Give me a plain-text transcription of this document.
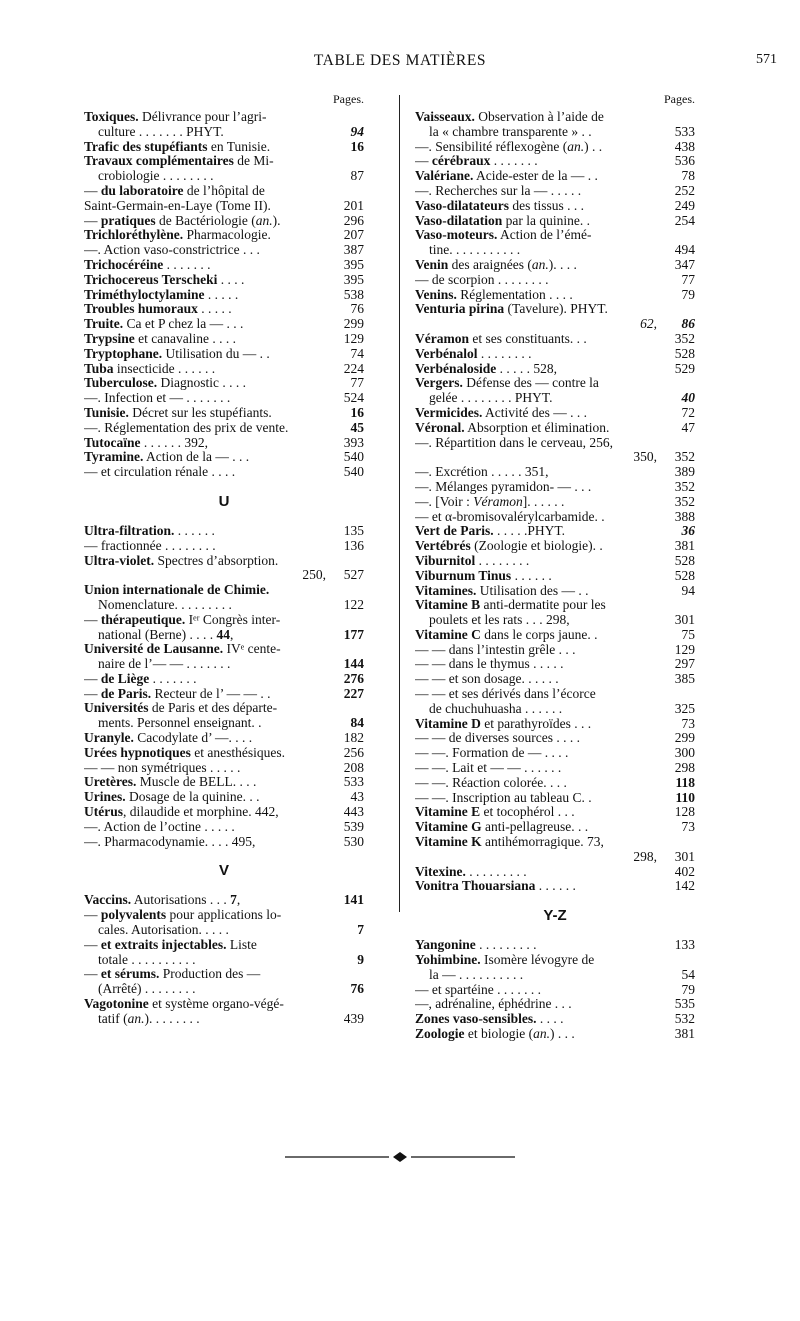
TABLE DES MATIÈRES	571
Pages.
Toxiques. Délivrance pour l’agri-
culture . . . . . . . PHYT.	94
Trafic des stupéfiants en Tunisie.	16
Travaux complémentaires de Mi-
crobiologie . . . . . . . .	87
— du laboratoire de l’hôpital de
Saint-Germain-en-Laye (Tome II).	201
— pratiques de Bactériologie (an.).	296
Trichloréthylène. Pharmacologie.	207
—. Action vaso-constrictrice . . .	387
Trichocéréine . . . . . . .	395
Trichocereus Terscheki . . . .	395
Triméthyloctylamine . . . . .	538
Troubles humoraux . . . . .	76
Truite. Ca et P chez la — . . .	299
Trypsine et canavaline . . . .	129
Tryptophane. Utilisation du — . .	74
Tuba insecticide . . . . . .	224
Tuberculose. Diagnostic . . . .	77
—. Infection et — . . . . . . .	524
Tunisie. Décret sur les stupéfiants.	16
—. Réglementation des prix de vente.	45
Tutocaïne . . . . . . 392,	393
Tyramine. Action de la — . . .	540
— et circulation rénale . . . .	540
U
Ultra-filtration. . . . . . .	135
— fractionnée . . . . . . . .	136
Ultra-violet. Spectres d’absorption.
250,	527
Union internationale de Chimie.
Nomenclature. . . . . . . . .	122
— thérapeutique. Iᵉʳ Congrès inter-
national (Berne) . . . . 44,	177
Université de Lausanne. IVᵉ cente-
naire de l’— — . . . . . . .	144
— de Liège . . . . . . .	276
— de Paris. Recteur de l’ — — . .	227
Universités de Paris et des départe-
ments. Personnel enseignant. .	84
Uranyle. Cacodylate d’ —. . . .	182
Urées hypnotiques et anesthésiques.	256
— — non symétriques . . . . .	208
Uretères. Muscle de BELL. . . .	533
Urines. Dosage de la quinine. . .	43
Utérus, dilaudide et morphine. 442,	443
—. Action de l’octine . . . . .	539
—. Pharmacodynamie. . . . 495,	530
V
Vaccins. Autorisations . . . 7,	141
— polyvalents pour applications lo-
cales. Autorisation. . . . .	7
— et extraits injectables. Liste
totale . . . . . . . . . .	9
— et sérums. Production des —
(Arrêté) . . . . . . . .	76
Vagotonine et système organo-végé-
tatif (an.). . . . . . . .	439
Pages.
Vaisseaux. Observation à l’aide de
la « chambre transparente » . .	533
—. Sensibilité réflexogène (an.) . .	438
— cérébraux . . . . . . .	536
Valériane. Acide-ester de la — . .	78
—. Recherches sur la — . . . . .	252
Vaso-dilatateurs des tissus . . .	249
Vaso-dilatation par la quinine. .	254
Vaso-moteurs. Action de l’émé-
tine. . . . . . . . . . .	494
Venin des araignées (an.). . . .	347
— de scorpion . . . . . . . .	77
Venins. Réglementation . . . .	79
Venturia pirina (Tavelure). PHYT.
62,	86
Véramon et ses constituants. . .	352
Verbénalol . . . . . . . .	528
Verbénaloside . . . . . 528,	529
Vergers. Défense des — contre la
gelée . . . . . . . . PHYT.	40
Vermicides. Activité des — . . .	72
Véronal. Absorption et élimination.	47
—. Répartition dans le cerveau, 256,
350,	352
—. Excrétion . . . . . 351,	389
—. Mélanges pyramidon- — . . .	352
—. [Voir : Véramon]. . . . . .	352
— et α-bromisovalérylcarbamide. .	388
Vert de Paris. . . . . .PHYT.	36
Vertébrés (Zoologie et biologie). .	381
Viburnitol . . . . . . . .	528
Viburnum Tinus . . . . . .	528
Vitamines. Utilisation des — . .	94
Vitamine B anti-dermatite pour les
poulets et les rats . . . 298,	301
Vitamine C dans le corps jaune. .	75
— — dans l’intestin grêle . . .	129
— — dans le thymus . . . . .	297
— — et son dosage. . . . . .	385
— — et ses dérivés dans l’écorce
de chuchuhuasha . . . . . .	325
Vitamine D et parathyroïdes . . .	73
— — de diverses sources . . . .	299
— —. Formation de — . . . .	300
— —. Lait et — — . . . . . .	298
— —. Réaction colorée. . . .	118
— —. Inscription au tableau C. .	110
Vitamine E et tocophérol . . .	128
Vitamine G anti-pellagreuse. . .	73
Vitamine K antihémorragique. 73,
298,	301
Vitexine. . . . . . . . . .	402
Vonitra Thouarsiana . . . . . .	142
Y-Z
Yangonine . . . . . . . . .	133
Yohimbine. Isomère lévogyre de
la — . . . . . . . . . .	54
— et spartéine . . . . . . .	79
—, adrénaline, éphédrine . . .	535
Zones vaso-sensibles. . . . .	532
Zoologie et biologie (an.) . . .	381
